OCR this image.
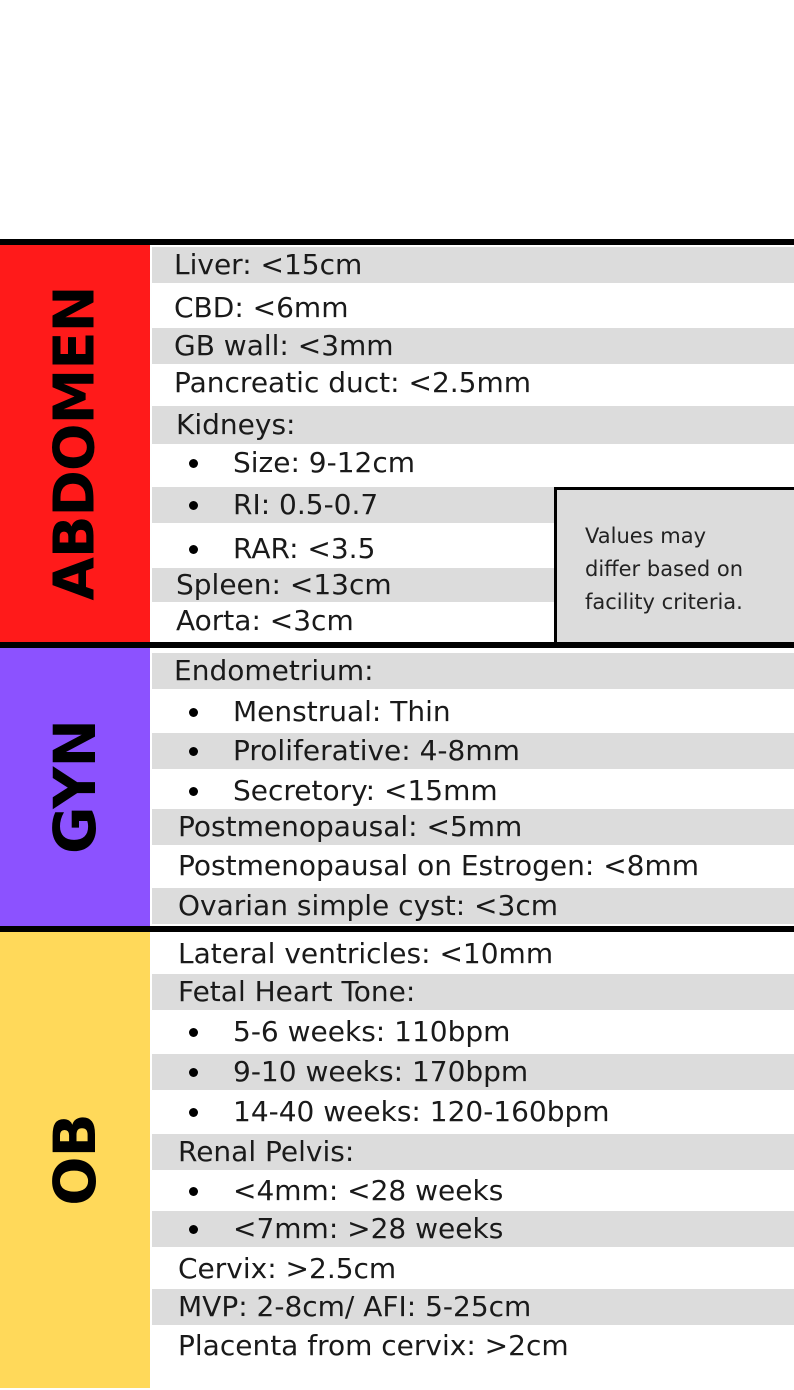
ABDOMEN
Liver: <15cm
CBD: <6mm
GB wall: <3mm
Pancreatic duct: <2.5mm
Kidneys:
Size: 9-12cm
RI: 0.5-0.7
RAR: <3.5
Spleen: <13cm
Aorta: <3cm
Values may
differ based on
facility criteria.
GYN
Endometrium:
Menstrual: Thin
Proliferative: 4-8mm
Secretory: <15mm
Postmenopausal: <5mm
Postmenopausal on Estrogen: <8mm
Ovarian simple cyst: <3cm
OB
Lateral ventricles: <10mm
Fetal Heart Tone:
5-6 weeks: 110bpm
9-10 weeks: 170bpm
14-40 weeks: 120-160bpm
Renal Pelvis:
<4mm: <28 weeks
<7mm: >28 weeks
Cervix: >2.5cm
MVP: 2-8cm/ AFI: 5-25cm
Placenta from cervix: >2cm
